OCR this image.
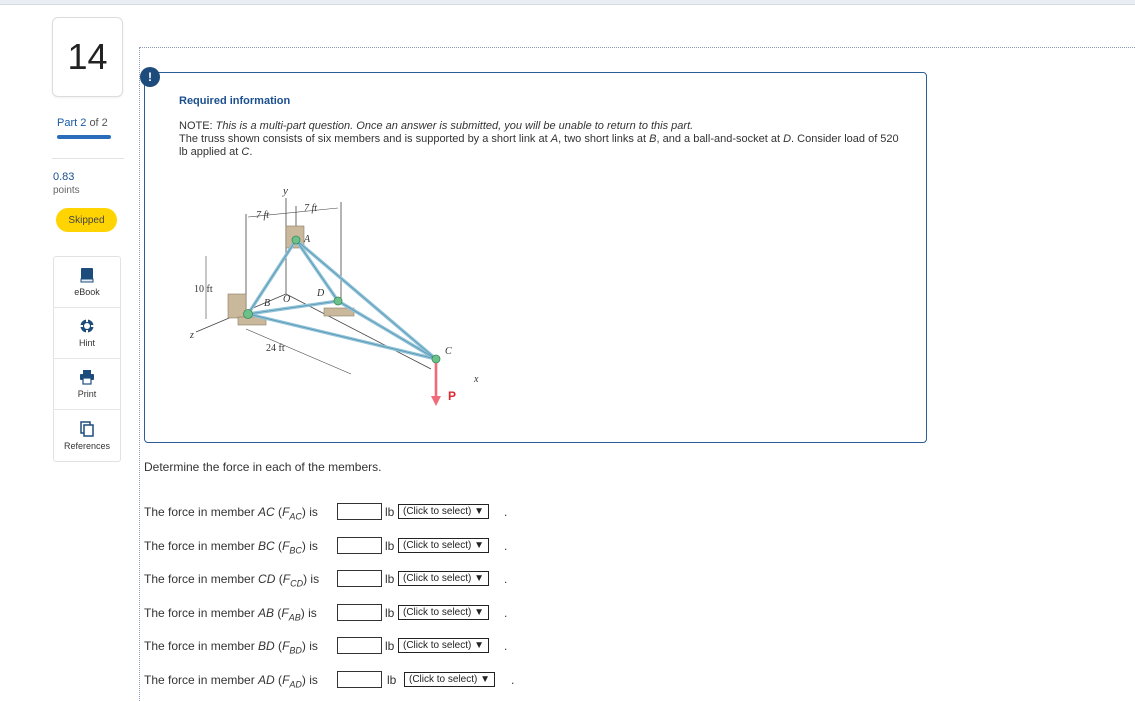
14
Part 2 of 2
0.83
points
Skipped
eBook
Hint
Print
References
!
Required information
NOTE: This is a multi-part question. Once an answer is submitted, you will be unable to return to this part.
The truss shown consists of six members and is supported by a short link at A, two short links at B, and a ball-and-socket at D. Consider load of 520 lb applied at C.
7 ft
7 ft
y
10 ft
z
24 ft
x
A
B O
D
C
P
Determine the force in each of the members.
The force in member AC $(F_{AC})$ is	lb (Click to select) ▼	.
The force in member BC $(F_{BC})$ is	lb (Click to select) ▼	.
The force in member CD $(F_{CD})$ is	lb (Click to select) ▼	.
The force in member AB $(F_{AB})$ is	lb (Click to select) ▼	.
The force in member BD $(F_{BD})$ is	lb (Click to select) ▼	.
The force in member AD $(F_{AD})$ is	lb	(Click to select) ▼	.
